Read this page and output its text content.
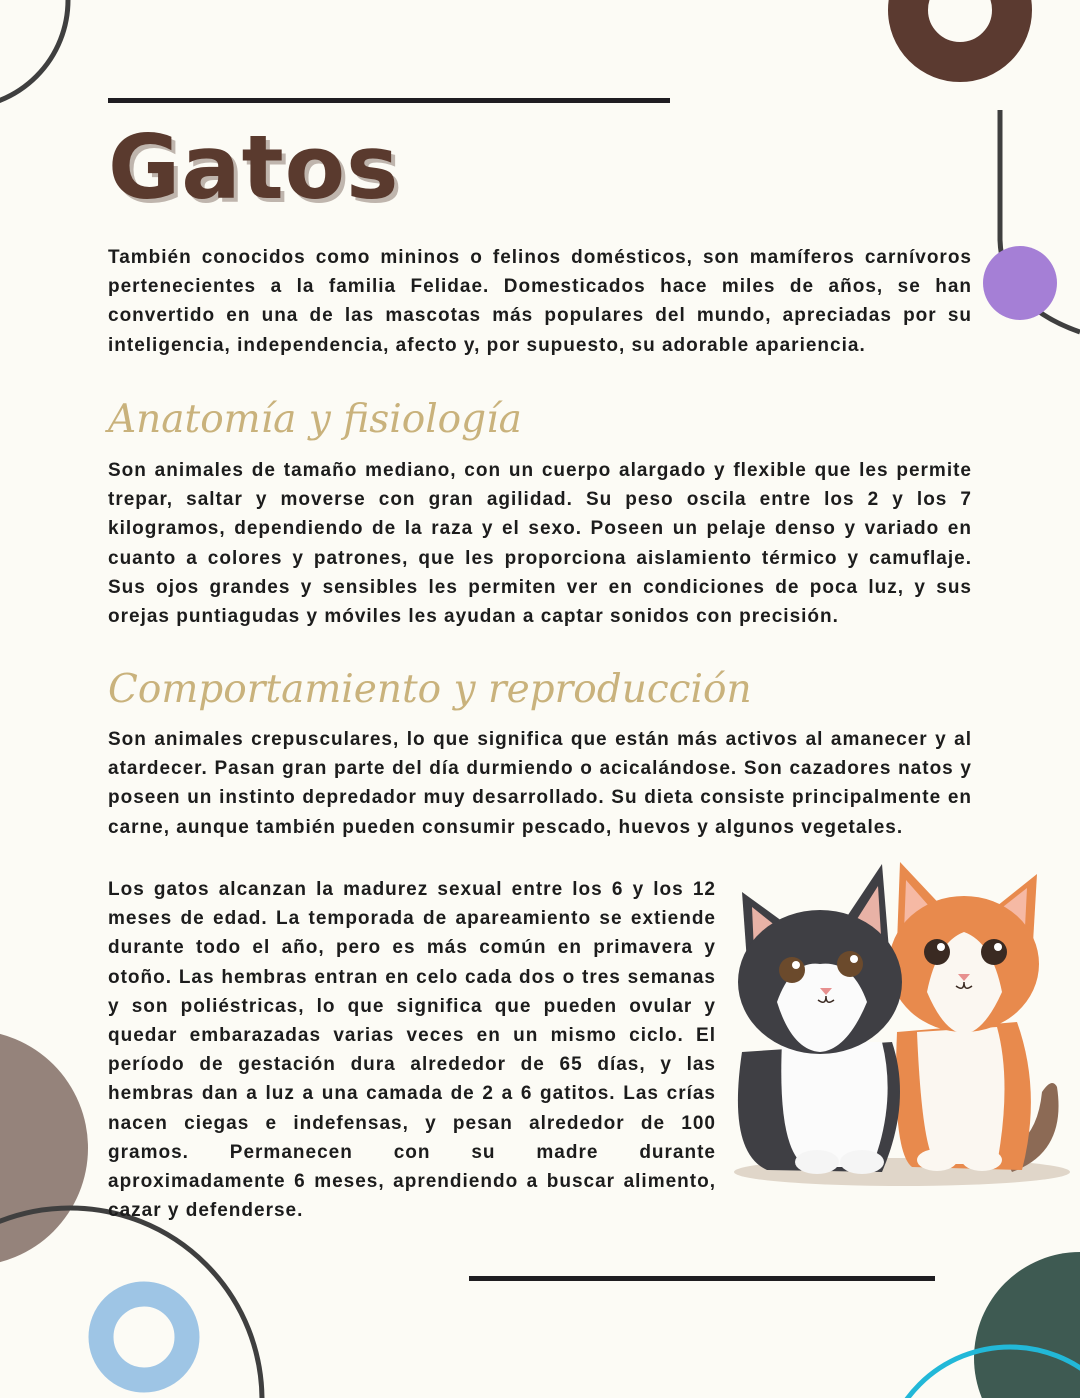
Gatos

También conocidos como mininos o felinos domésticos, son mamíferos carnívoros pertenecientes a la familia Felidae. Domesticados hace miles de años, se han convertido en una de las mascotas más populares del mundo, apreciadas por su inteligencia, independencia, afecto y, por supuesto, su adorable apariencia.

Anatomía y fisiología

Son animales de tamaño mediano, con un cuerpo alargado y flexible que les permite trepar, saltar y moverse con gran agilidad. Su peso oscila entre los 2 y los 7 kilogramos, dependiendo de la raza y el sexo. Poseen un pelaje denso y variado en cuanto a colores y patrones, que les proporciona aislamiento térmico y camuflaje. Sus ojos grandes y sensibles les permiten ver en condiciones de poca luz, y sus orejas puntiagudas y móviles les ayudan a captar sonidos con precisión.

Comportamiento y reproducción

Son animales crepusculares, lo que significa que están más activos al amanecer y al atardecer. Pasan gran parte del día durmiendo o acicalándose. Son cazadores natos y poseen un instinto depredador muy desarrollado. Su dieta consiste principalmente en carne, aunque también pueden consumir pescado, huevos y algunos vegetales.

Los gatos alcanzan la madurez sexual entre los 6 y los 12 meses de edad. La temporada de apareamiento se extiende durante todo el año, pero es más común en primavera y otoño. Las hembras entran en celo cada dos o tres semanas y son poliéstricas, lo que significa que pueden ovular y quedar embarazadas varias veces en un mismo ciclo. El período de gestación dura alrededor de 65 días, y las hembras dan a luz a una camada de 2 a 6 gatitos. Las crías nacen ciegas e indefensas, y pesan alrededor de 100 gramos. Permanecen con su madre durante aproximadamente 6 meses, aprendiendo a buscar alimento, cazar y defenderse.
